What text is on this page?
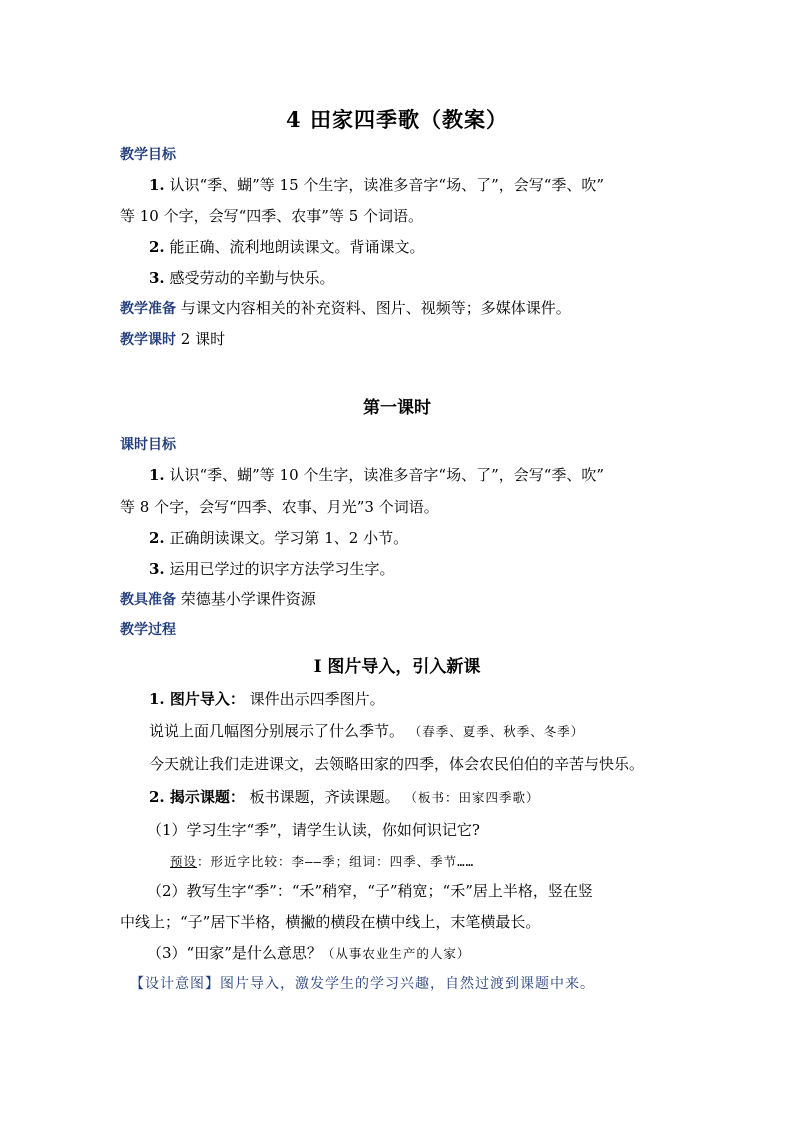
4 田家四季歌（教案）
教学目标
1. 认识“季、蝴”等 15 个生字，读准多音字“场、了”，会写“季、吹”
等 10 个字，会写“四季、农事”等 5 个词语。
2. 能正确、流利地朗读课文。背诵课文。
3. 感受劳动的辛勤与快乐。
教学准备 与课文内容相关的补充资料、图片、视频等；多媒体课件。
教学课时 2 课时
第一课时
课时目标
1. 认识“季、蝴”等 10 个生字，读准多音字“场、了”，会写“季、吹”
等 8 个字，会写“四季、农事、月光”3 个词语。
2. 正确朗读课文。学习第 1、2 小节。
3. 运用已学过的识字方法学习生字。
教具准备 荣德基小学课件资源
教学过程
Ⅰ 图片导入，引入新课
1. 图片导入： 课件出示四季图片。
说说上面几幅图分别展示了什么季节。 （春季、夏季、秋季、冬季）
今天就让我们走进课文，去领略田家的四季，体会农民伯伯的辛苦与快乐。
2. 揭示课题： 板书课题，齐读课题。 （板书：田家四季歌）
（1）学习生字“季”，请学生认读，你如何识记它?
预设：形近字比较：李——季；组词：四季、季节……
（2）教写生字“季”：“禾”稍窄，“子”稍宽；“禾”居上半格，竖在竖
中线上；“子”居下半格，横撇的横段在横中线上，末笔横最长。
（3）“田家”是什么意思？（从事农业生产的人家）
【设计意图】图片导入，激发学生的学习兴趣，自然过渡到课题中来。
